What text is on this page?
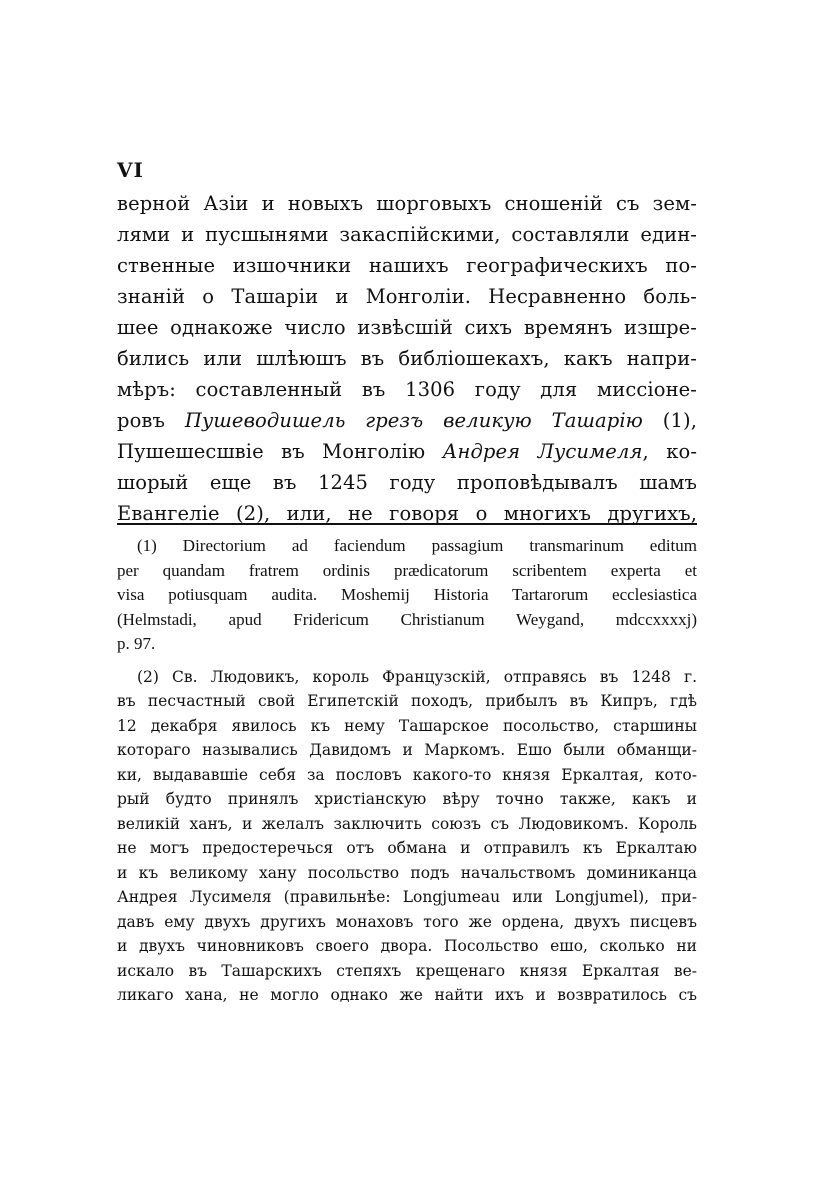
VI
верной Азіи и новыхъ шорговыхъ сношеній съ зем-
лями и пусшынями закаспійскими, составляли един-
ственные изшочники нашихъ географическихъ по-
знаній о Ташаріи и Монголіи. Несравненно боль-
шее однакоже число извѣсшій сихъ времянъ изшре-
бились или шлѣюшъ въ библіошекахъ, какъ напри-
мѣръ: составленный въ 1306 году для миссіоне-
ровъ Пушеводишель грезъ великую Ташарію (1),
Пушешесшвіе въ Монголію Андрея Лусимеля, ко-
шорый еще въ 1245 году проповѣдывалъ шамъ
Евангеліе (2), или, не говоря о многихъ другихъ,
(1) Directorium ad faciendum passagium transmarinum editum
per quandam fratrem ordinis prædicatorum scribentem experta et
visa potiusquam audita. Moshemij Historia Tartarorum ecclesiastica
(Helmstadi, apud Fridericum Christianum Weygand, mdccxxxxj)
p. 97.
(2) Св. Людовикъ, король Французскій, отправясь въ 1248 г.
въ песчастный свой Египетскій походъ, прибылъ въ Кипръ, гдѣ
12 декабря явилось къ нему Ташарское посольство, старшины
котораго назывались Давидомъ и Маркомъ. Ешо были обманщи-
ки, выдававшіе себя за пословъ какого-то князя Еркалтая, кото-
рый будто принялъ христіанскую вѣру точно также, какъ и
великій ханъ, и желалъ заключить союзъ съ Людовикомъ. Король
не могъ предостеречься отъ обмана и отправилъ къ Еркалтаю
и къ великому хану посольство подъ начальствомъ доминиканца
Андрея Лусимеля (правильнѣе: Longjumeau или Longjumel), при-
давъ ему двухъ другихъ монаховъ того же ордена, двухъ писцевъ
и двухъ чиновниковъ своего двора. Посольство ешо, сколько ни
искало въ Ташарскихъ степяхъ крещенаго князя Еркалтая ве-
ликаго хана, не могло однако же найти ихъ и возвратилось съ
